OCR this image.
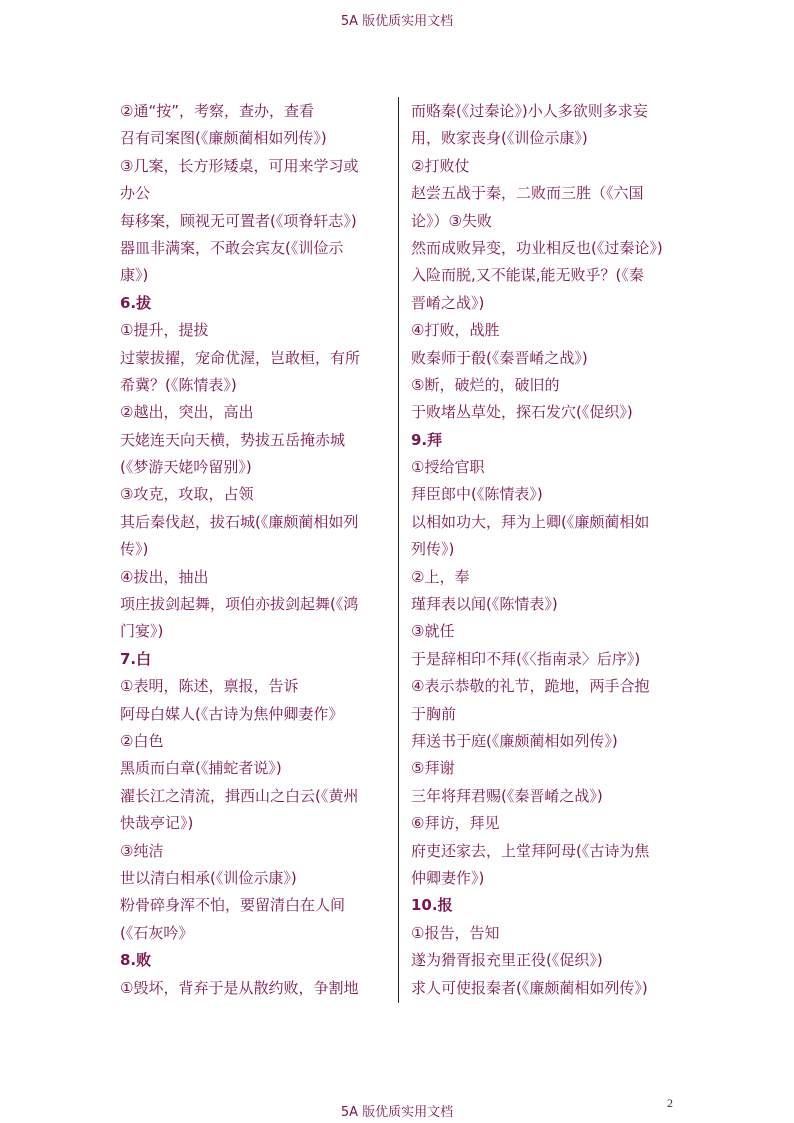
5A 版优质实用文档
②通“按”，考察，查办，查看
召有司案图(《廉颇蔺相如列传》)
③几案，长方形矮桌，可用来学习或
办公
每移案，顾视无可置者(《项脊轩志》)
器皿非满案，不敢会宾友(《训俭示
康》)
6.拔
①提升，提拔
过蒙拔擢，宠命优渥，岂敢桓，有所
希冀？(《陈情表》)
②越出，突出，高出
天姥连天向天横，势拔五岳掩赤城
(《梦游天姥吟留别》)
③攻克，攻取，占领
其后秦伐赵，拔石城(《廉颇蔺相如列
传》)
④拔出，抽出
项庄拔剑起舞，项伯亦拔剑起舞(《鸿
门宴》)
7.白
①表明，陈述，禀报，告诉
阿母白媒人(《古诗为焦仲卿妻作》
②白色
黑质而白章(《捕蛇者说》)
濯长江之清流，揖西山之白云(《黄州
快哉亭记》)
③纯洁
世以清白相承(《训俭示康》)
粉骨碎身浑不怕，要留清白在人间
(《石灰吟》
8.败
①毁坏，背弃于是从散约败，争割地
而赂秦(《过秦论》)小人多欲则多求妄
用，败家丧身(《训俭示康》)
②打败仗
赵尝五战于秦，二败而三胜（《六国
论》）③失败
然而成败异变，功业相反也(《过秦论》)
入险而脱,又不能谋,能无败乎？(《秦
晋崤之战》)
④打败，战胜
败秦师于殽(《秦晋崤之战》)
⑤断，破烂的，破旧的
于败堵丛草处，探石发穴(《促织》)
9.拜
①授给官职
拜臣郎中(《陈情表》)
以相如功大，拜为上卿(《廉颇蔺相如
列传》)
②上，奉
瑾拜表以闻(《陈情表》)
③就任
于是辞相印不拜(《〈指南录〉后序》)
④表示恭敬的礼节，跪地，两手合抱
于胸前
拜送书于庭(《廉颇蔺相如列传》)
⑤拜谢
三年将拜君赐(《秦晋崤之战》)
⑥拜访，拜见
府吏还家去，上堂拜阿母(《古诗为焦
仲卿妻作》)
10.报
①报告，告知
遂为猾胥报充里正役(《促织》)
求人可使报秦者(《廉颇蔺相如列传》)
2
5A 版优质实用文档
